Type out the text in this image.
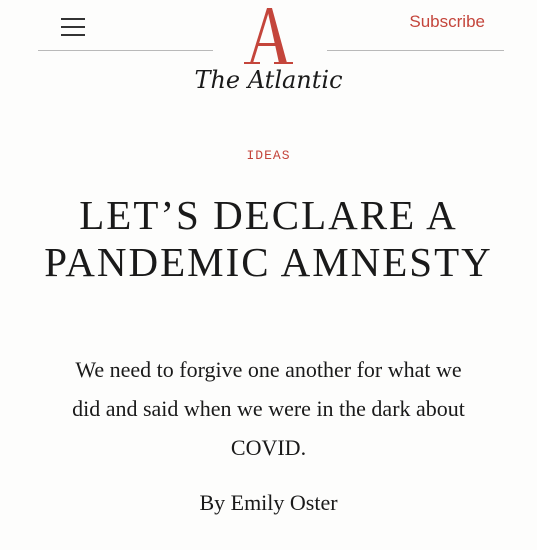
Subscribe
The Atlantic
IDEAS
LET’S DECLARE A PANDEMIC AMNESTY

We need to forgive one another for what we did and said when we were in the dark about COVID.

By Emily Oster
